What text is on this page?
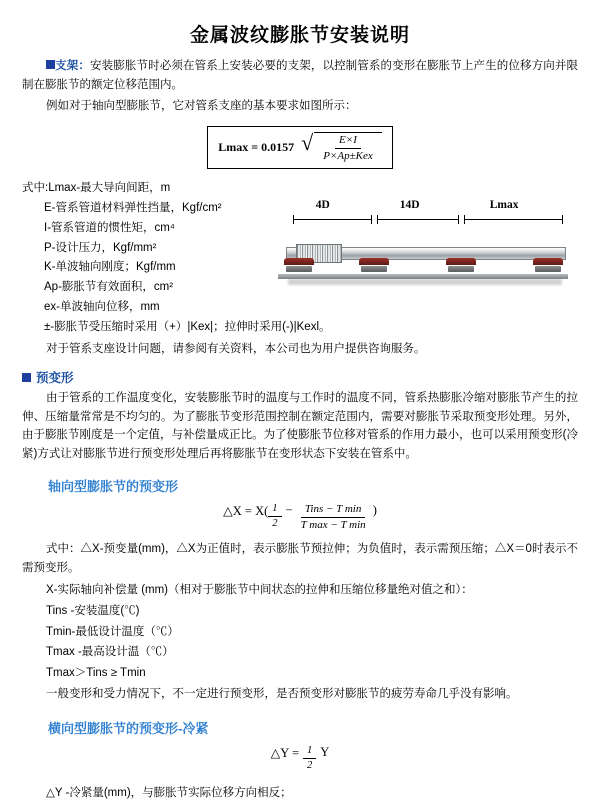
金属波纹膨胀节安装说明
支架：安装膨胀节时必须在管系上安装必要的支架，以控制管系的变形在膨胀节上产生的位移方向并限制在膨胀节的额定位移范围内。
例如对于轴向型膨胀节，它对管系支座的基本要求如图所示：
Lmax = 0.0157 √ $\frac{E\times I}{\text{P×Ap±Kex}}$
式中:Lmax-最大导向间距，m
E-管系管道材料弹性挡量，Kgf/cm²
I-管系管道的惯性矩，cm⁴
P-设计压力，Kgf/mm²
K-单波轴向刚度；Kgf/mm
Ap-膨胀节有效面积，cm²
ex-单波轴向位移，mm
±-膨胀节受压缩时采用（+）|Kex|；拉伸时采用(-)|Kexl。
4D	14D	Lmax
对于管系支座设计问题，请参阅有关资料，本公司也为用户提供咨询服务。
预变形
由于管系的工作温度变化，安装膨胀节时的温度与工作时的温度不同，管系热膨胀冷缩对膨胀节产生的拉伸、压缩量常常是不均匀的。为了膨胀节变形范围控制在额定范围内，需要对膨胀节采取预变形处理。另外，由于膨胀节刚度是一个定值，与补偿量成正比。为了使膨胀节位移对管系的作用力最小，也可以采用预变形(冷紧)方式让对膨胀节进行预变形处理后再将膨胀节在变形状态下安装在管系中。
轴向型膨胀节的预变形
△X = $X( \frac{1}{2} - \frac{\text{Tins − T min}}{\text{T max − T min}}$ )
式中：△X-预变量(mm)，△X为正值时，表示膨胀节预拉伸；为负值时，表示需预压缩；△X＝0时表示不需预变形。
X-实际轴向补偿量 (mm)（相对于膨胀节中间状态的拉伸和压缩位移量绝对值之和）：
Tins -安装温度(℃)
Tmin-最低设计温度（℃）
Tmax -最高设计温（℃）
Tmax＞Tins ≥ Tmin
一般变形和受力情况下，不一定进行预变形，是否预变形对膨胀节的疲劳寿命几乎没有影响。
横向型膨胀节的预变形-冷紧
△Y = $\frac{1}{2}$ Y
△Y -冷紧量(mm)，与膨胀节实际位移方向相反；
